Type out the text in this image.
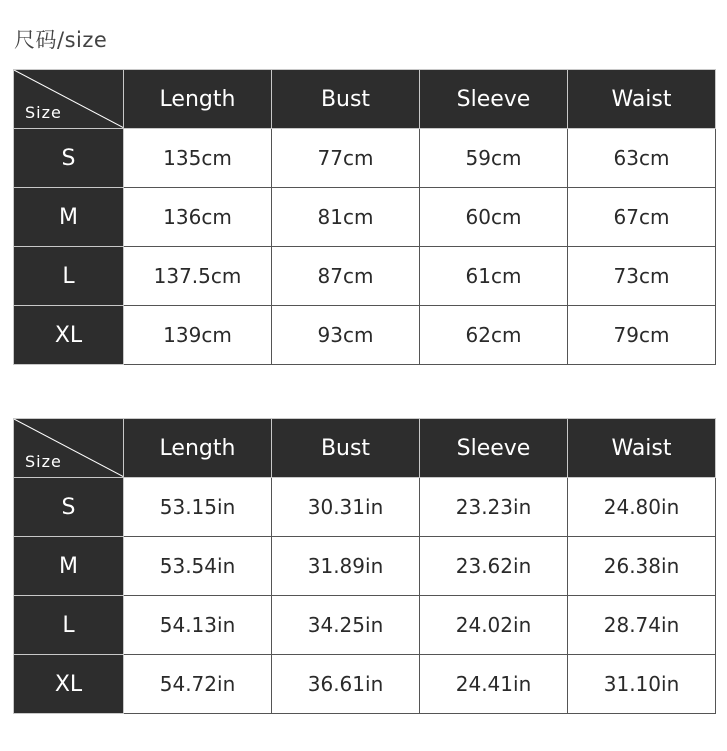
尺码/size
Size	Length	Bust	Sleeve	Waist
S	135cm	77cm	59cm	63cm
M	136cm	81cm	60cm	67cm
L	137.5cm	87cm	61cm	73cm
XL	139cm	93cm	62cm	79cm
Size	Length	Bust	Sleeve	Waist
S	53.15in	30.31in	23.23in	24.80in
M	53.54in	31.89in	23.62in	26.38in
L	54.13in	34.25in	24.02in	28.74in
XL	54.72in	36.61in	24.41in	31.10in
